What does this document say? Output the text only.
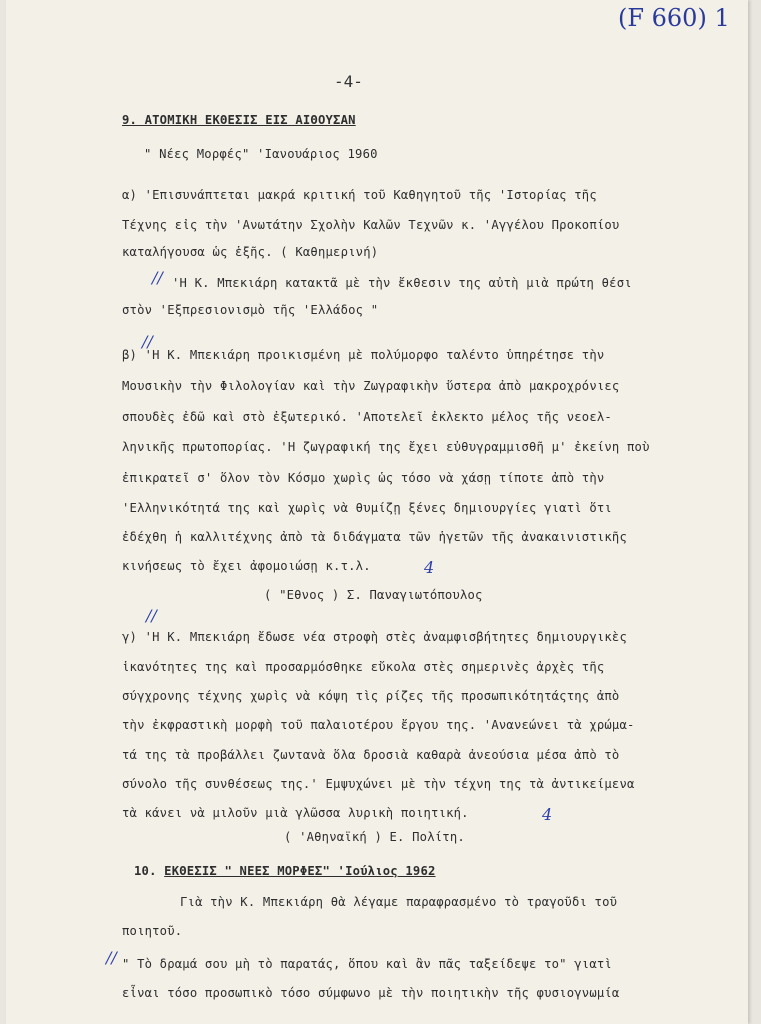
(F 660) 1
-4-
9. ΑΤΟΜΙΚΗ ΕΚΘΕΣΙΣ ΕΙΣ ΑΙΘΟΥΣΑΝ
" Νέες Μορφές" 'Ιανουάριος 1960
α) 'Επισυνάπτεται μακρά κριτική τοῦ Καθηγητοῦ τῆς 'Ιστορίας τῆς
Τέχνης εἰς τὴν 'Ανωτάτην Σχολὴν Καλῶν Τεχνῶν κ. 'Αγγέλου Προκοπίου
καταλήγουσα ὡς ἑξῆς. ( Καθημερινή)
// 'Η Κ. Μπεκιάρη κατακτᾶ μὲ τὴν ἔκθεσιν της αὐτὴ μιὰ πρώτη θέσι
στὸν 'Εξπρεσιονισμὸ τῆς 'Ελλάδος "
//
β) 'Η Κ. Μπεκιάρη προικισμένη μὲ πολύμορφο ταλέντο ὑπηρέτησε τὴν
Μουσικὴν τὴν Φιλολογίαν καὶ τὴν Ζωγραφικὴν ὕστερα ἀπὸ μακροχρόνιες
σπουδὲς ἐδῶ καὶ στὸ ἐξωτερικό. 'Αποτελεῖ ἐκλεκτο μέλος τῆς νεοελ-
ληνικῆς πρωτοπορίας. 'Η ζωγραφική της ἔχει εὐθυγραμμισθῆ μ' ἐκείνη ποὺ
ἐπικρατεῖ σ' ὅλον τὸν Κόσμο χωρὶς ὡς τόσο νὰ χάσῃ τίποτε ἀπὸ τὴν
'Ελληνικότητά της καὶ χωρὶς νὰ θυμίζῃ ξένες δημιουργίες γιατὶ ὅτι
ἐδέχθη ἡ καλλιτέχνης ἀπὸ τὰ διδάγματα τῶν ἡγετῶν τῆς ἀνακαινιστικῆς
κινήσεως τὸ ἔχει ἀφομοιώσῃ κ.τ.λ.	4
( "Εθνος ) Σ. Παναγιωτόπουλος
//
γ) 'Η Κ. Μπεκιάρη ἔδωσε νέα στροφὴ στὲς ἀναμφισβήτητες δημιουργικὲς
ἱκανότητες της καὶ προσαρμόσθηκε εὔκολα στὲς σημερινὲς ἀρχὲς τῆς
σύγχρονης τέχνης χωρὶς νὰ κόψη τὶς ρίζες τῆς προσωπικότητάςτης ἀπὸ
τὴν ἐκφραστικὴ μορφὴ τοῦ παλαιοτέρου ἔργου της. 'Ανανεώνει τὰ χρώμα-
τά της τὰ προβάλλει ζωντανὰ ὅλα δροσιὰ καθαρὰ ἀνεούσια μέσα ἀπὸ τὸ
σύνολο τῆς συνθέσεως της.' Εμψυχώνει μὲ τὴν τέχνη της τὰ ἀντικείμενα
τὰ κάνει νὰ μιλοῦν μιὰ γλῶσσα λυρικὴ ποιητική.	4
( 'Αθηναϊκή ) Ε. Πολίτη.
10. ΕΚΘΕΣΙΣ " ΝΕΕΣ ΜΟΡΦΕΣ" 'Ιούλιος 1962
Γιὰ τὴν Κ. Μπεκιάρη θὰ λέγαμε παραφρασμένο τὸ τραγοῦδι τοῦ
ποιητοῦ.
// " Τὸ δραμά σου μὴ τὸ παρατάς, ὅπου καὶ ἂν πᾶς ταξείδεψε το" γιατὶ
εἶναι τόσο προσωπικὸ τόσο σύμφωνο μὲ τὴν ποιητικὴν τῆς φυσιογνωμία
